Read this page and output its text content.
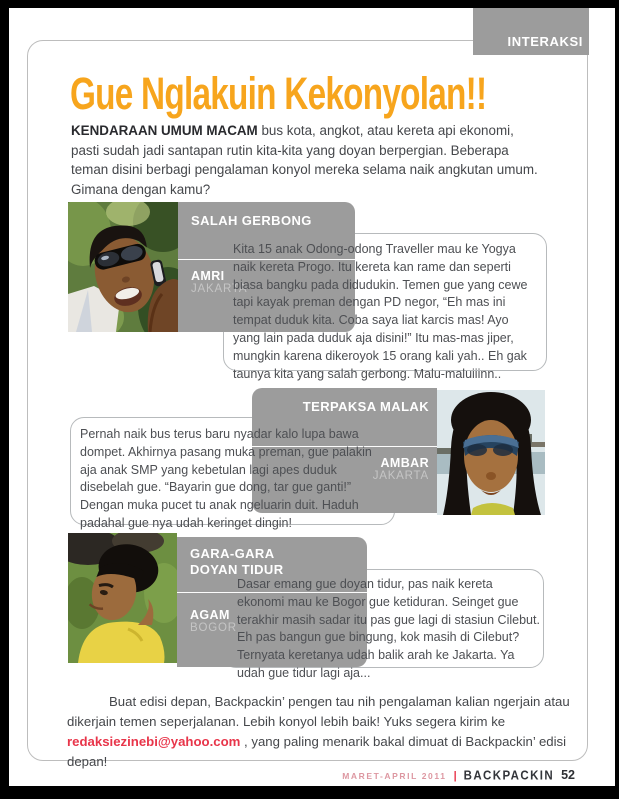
INTERAKSI
Gue Nglakuin Kekonyolan!!
KENDARAAN UMUM MACAM bus kota, angkot, atau kereta api ekonomi, pasti sudah jadi santapan rutin kita-kita yang doyan berpergian. Beberapa teman disini berbagi pengalaman konyol mereka selama naik angkutan umum. Gimana dengan kamu?
SALAH GERBONG
AMRI
JAKARTA
Kita 15 anak Odong-odong Traveller mau ke Yogya naik kereta Progo. Itu kereta kan rame dan seperti biasa bangku pada didudukin. Temen gue yang cewe tapi kayak preman dengan PD negor, “Eh mas ini tempat duduk kita. Coba saya liat karcis mas! Ayo yang lain pada duduk aja disini!” Itu mas-mas jiper, mungkin karena dikeroyok 15 orang kali yah.. Eh gak taunya kita yang salah gerbong. Malu-maluiiinn..
TERPAKSA MALAK
AMBAR
JAKARTA
Pernah naik bus terus baru nyadar kalo lupa bawa dompet. Akhirnya pasang muka preman, gue palakin aja anak SMP yang kebetulan lagi apes duduk disebelah gue. “Bayarin gue dong, tar gue ganti!” Dengan muka pucet tu anak ngeluarin duit. Haduh padahal gue nya udah keringet dingin!
GARA-GARA DOYAN TIDUR
AGAM
BOGOR
Dasar emang gue doyan tidur, pas naik kereta ekonomi mau ke Bogor gue ketiduran. Seinget gue terakhir masih sadar itu pas gue lagi di stasiun Cilebut. Eh pas bangun gue bingung, kok masih di Cilebut? Ternyata keretanya udah balik arah ke Jakarta. Ya udah gue tidur lagi aja...
Buat edisi depan, Backpackin’ pengen tau nih pengalaman kalian ngerjain atau dikerjain temen seperjalanan. Lebih konyol lebih baik! Yuks segera kirim ke redaksiezinebi@yahoo.com , yang paling menarik bakal dimuat di Backpackin’ edisi depan!
MARET-APRIL 2011 | BACKPACKIN 52
